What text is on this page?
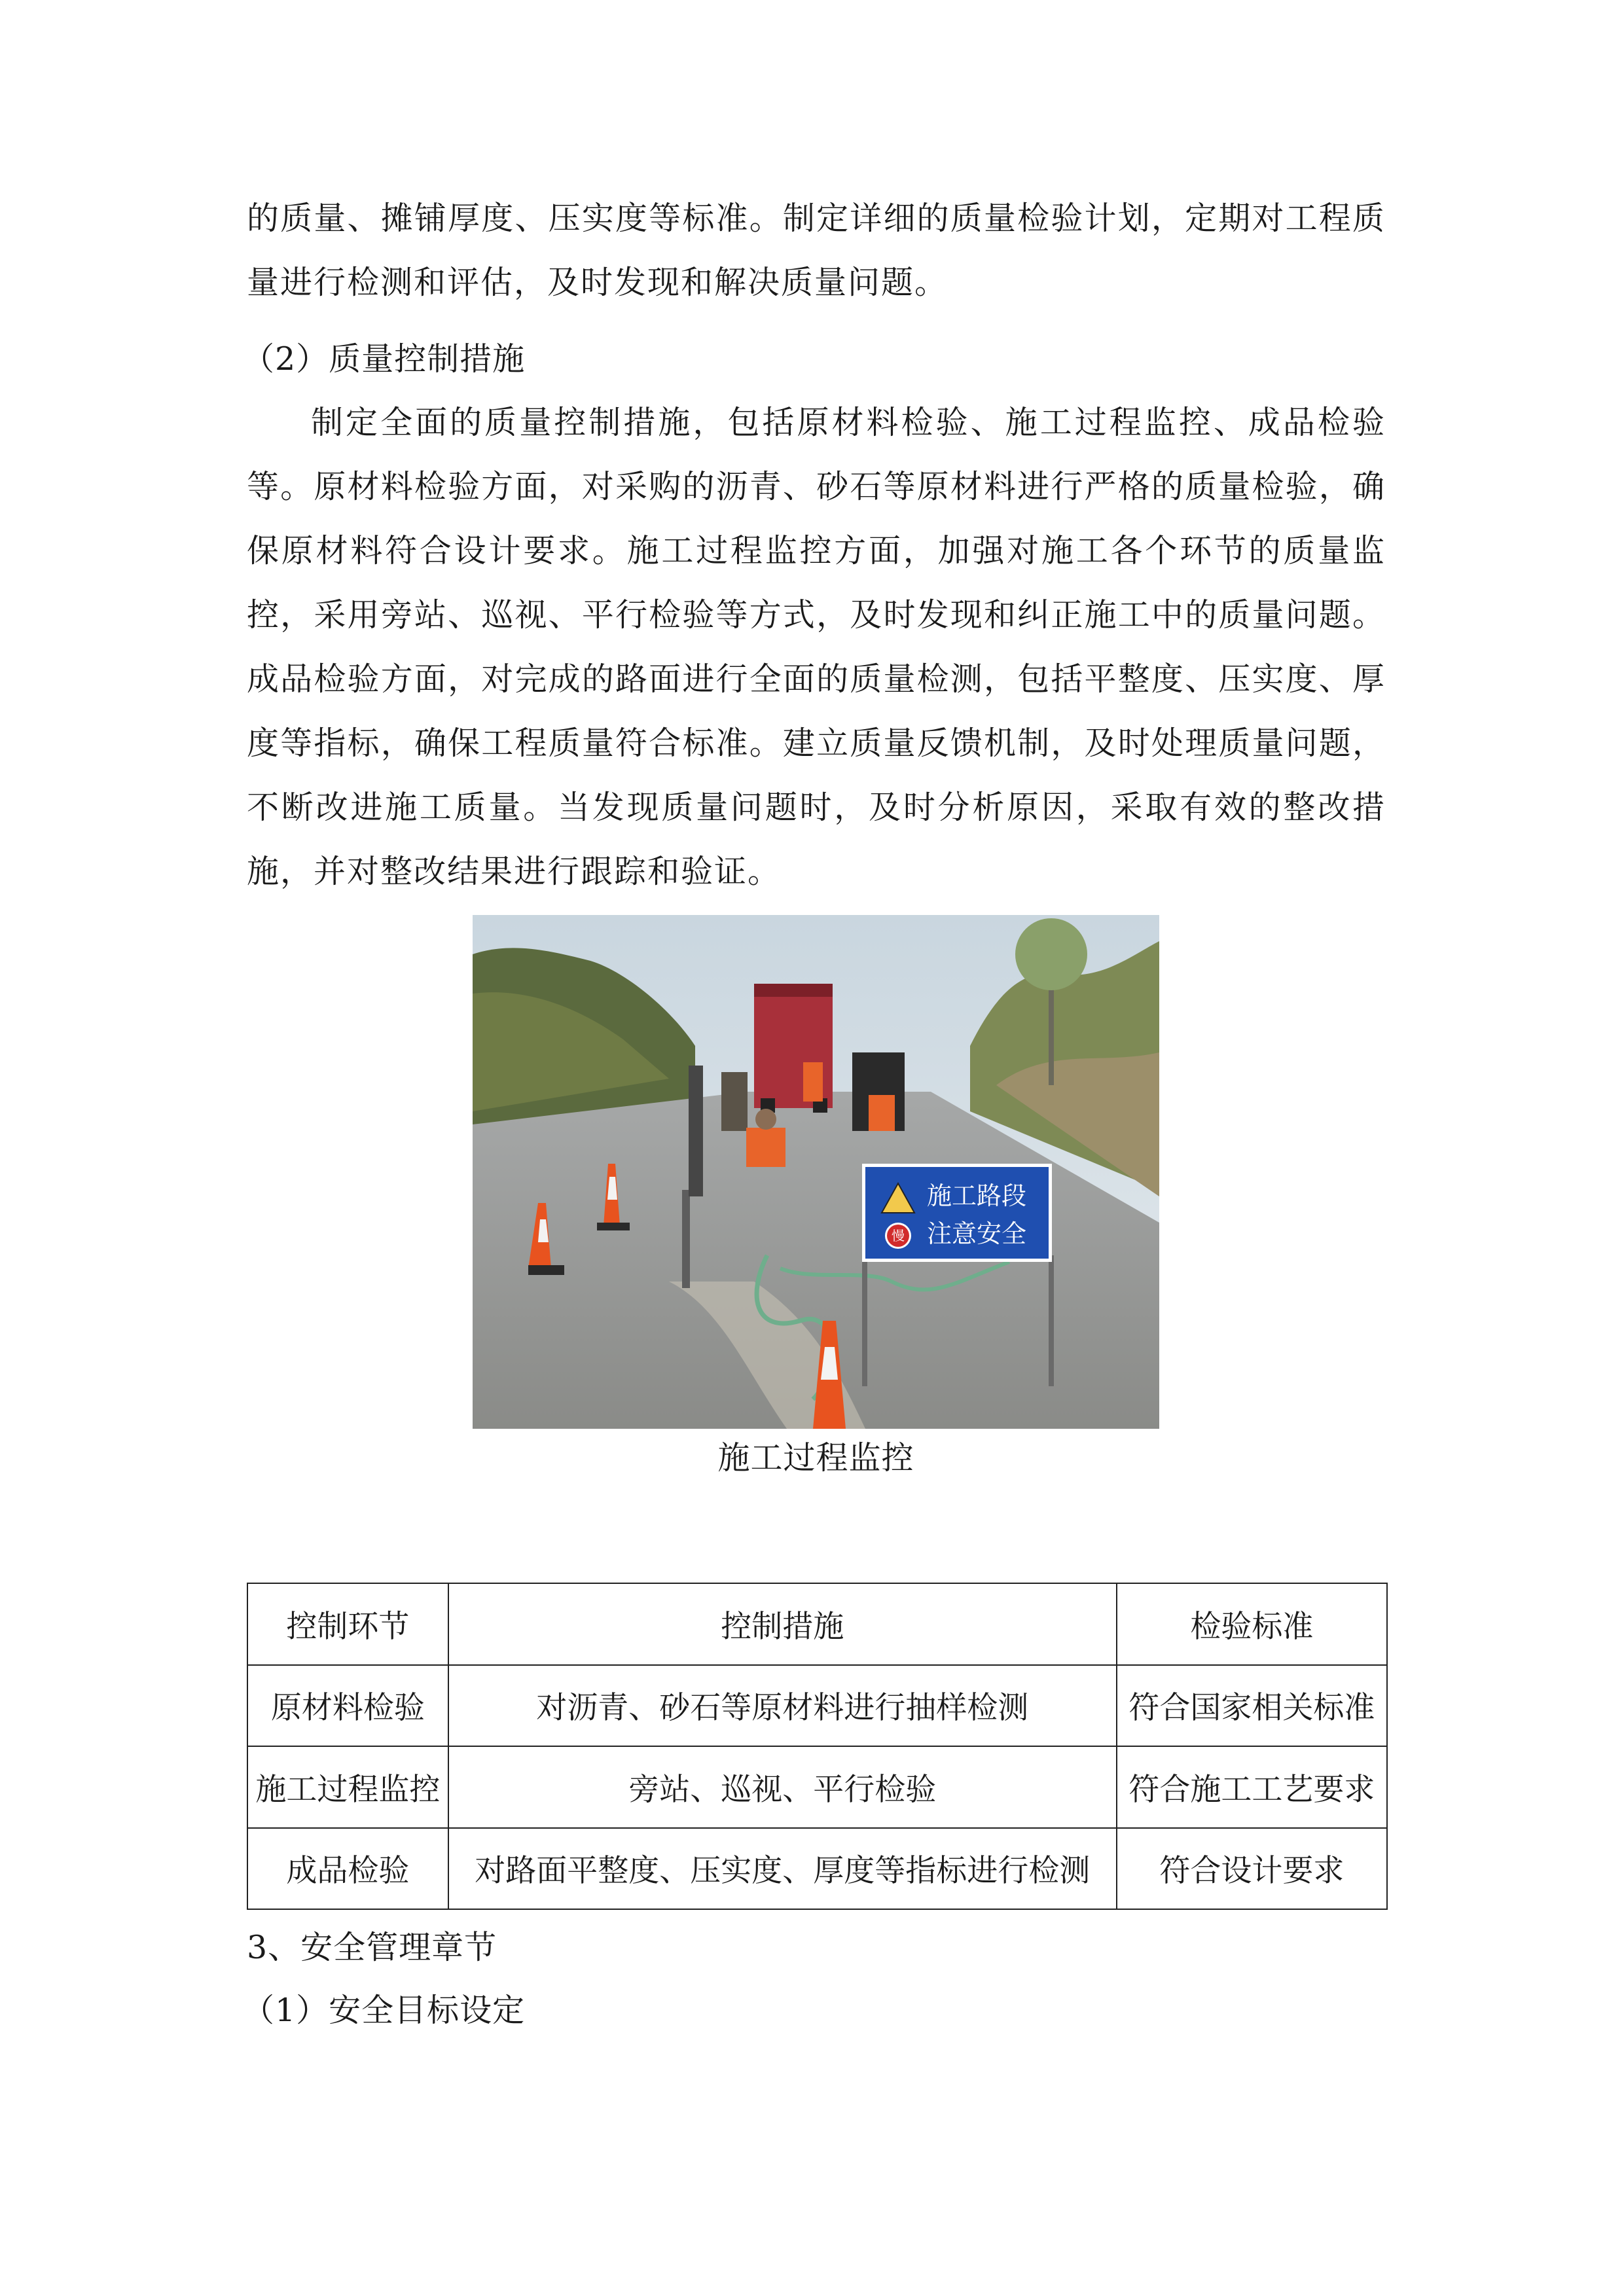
的质量、摊铺厚度、压实度等标准。制定详细的质量检验计划，定期对工程质量进行检测和评估，及时发现和解决质量问题。

（2）质量控制措施

制定全面的质量控制措施，包括原材料检验、施工过程监控、成品检验等。原材料检验方面，对采购的沥青、砂石等原材料进行严格的质量检验，确保原材料符合设计要求。施工过程监控方面，加强对施工各个环节的质量监控，采用旁站、巡视、平行检验等方式，及时发现和纠正施工中的质量问题。成品检验方面，对完成的路面进行全面的质量检测，包括平整度、压实度、厚度等指标，确保工程质量符合标准。建立质量反馈机制，及时处理质量问题，不断改进施工质量。当发现质量问题时，及时分析原因，采取有效的整改措施，并对整改结果进行跟踪和验证。

慢
施工路段
注意安全

施工过程监控

控制环节	控制措施	检验标准
原材料检验	对沥青、砂石等原材料进行抽样检测	符合国家相关标准
施工过程监控	旁站、巡视、平行检验	符合施工工艺要求
成品检验	对路面平整度、压实度、厚度等指标进行检测	符合设计要求

3、安全管理章节

（1）安全目标设定
